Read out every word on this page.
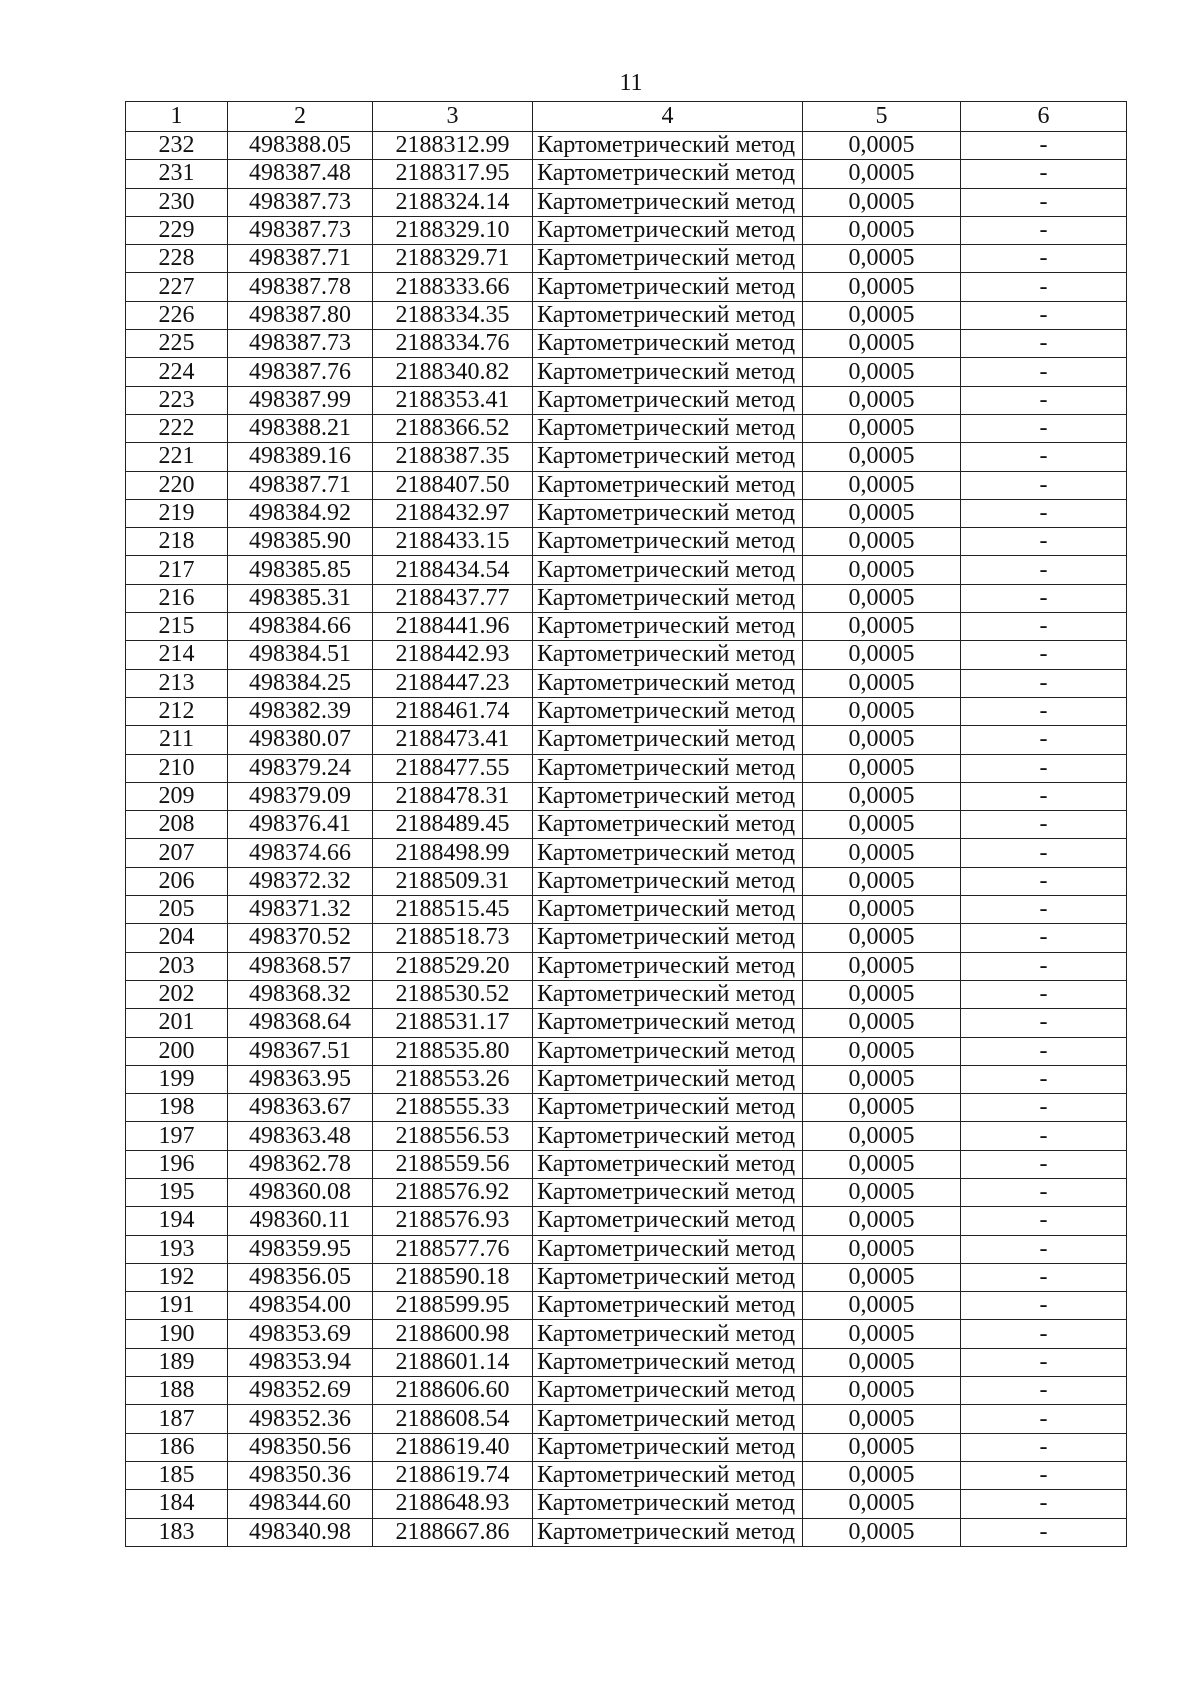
11
1	2	3	4	5	6
232	498388.05	2188312.99	Картометрический метод	0,0005	-
231	498387.48	2188317.95	Картометрический метод	0,0005	-
230	498387.73	2188324.14	Картометрический метод	0,0005	-
229	498387.73	2188329.10	Картометрический метод	0,0005	-
228	498387.71	2188329.71	Картометрический метод	0,0005	-
227	498387.78	2188333.66	Картометрический метод	0,0005	-
226	498387.80	2188334.35	Картометрический метод	0,0005	-
225	498387.73	2188334.76	Картометрический метод	0,0005	-
224	498387.76	2188340.82	Картометрический метод	0,0005	-
223	498387.99	2188353.41	Картометрический метод	0,0005	-
222	498388.21	2188366.52	Картометрический метод	0,0005	-
221	498389.16	2188387.35	Картометрический метод	0,0005	-
220	498387.71	2188407.50	Картометрический метод	0,0005	-
219	498384.92	2188432.97	Картометрический метод	0,0005	-
218	498385.90	2188433.15	Картометрический метод	0,0005	-
217	498385.85	2188434.54	Картометрический метод	0,0005	-
216	498385.31	2188437.77	Картометрический метод	0,0005	-
215	498384.66	2188441.96	Картометрический метод	0,0005	-
214	498384.51	2188442.93	Картометрический метод	0,0005	-
213	498384.25	2188447.23	Картометрический метод	0,0005	-
212	498382.39	2188461.74	Картометрический метод	0,0005	-
211	498380.07	2188473.41	Картометрический метод	0,0005	-
210	498379.24	2188477.55	Картометрический метод	0,0005	-
209	498379.09	2188478.31	Картометрический метод	0,0005	-
208	498376.41	2188489.45	Картометрический метод	0,0005	-
207	498374.66	2188498.99	Картометрический метод	0,0005	-
206	498372.32	2188509.31	Картометрический метод	0,0005	-
205	498371.32	2188515.45	Картометрический метод	0,0005	-
204	498370.52	2188518.73	Картометрический метод	0,0005	-
203	498368.57	2188529.20	Картометрический метод	0,0005	-
202	498368.32	2188530.52	Картометрический метод	0,0005	-
201	498368.64	2188531.17	Картометрический метод	0,0005	-
200	498367.51	2188535.80	Картометрический метод	0,0005	-
199	498363.95	2188553.26	Картометрический метод	0,0005	-
198	498363.67	2188555.33	Картометрический метод	0,0005	-
197	498363.48	2188556.53	Картометрический метод	0,0005	-
196	498362.78	2188559.56	Картометрический метод	0,0005	-
195	498360.08	2188576.92	Картометрический метод	0,0005	-
194	498360.11	2188576.93	Картометрический метод	0,0005	-
193	498359.95	2188577.76	Картометрический метод	0,0005	-
192	498356.05	2188590.18	Картометрический метод	0,0005	-
191	498354.00	2188599.95	Картометрический метод	0,0005	-
190	498353.69	2188600.98	Картометрический метод	0,0005	-
189	498353.94	2188601.14	Картометрический метод	0,0005	-
188	498352.69	2188606.60	Картометрический метод	0,0005	-
187	498352.36	2188608.54	Картометрический метод	0,0005	-
186	498350.56	2188619.40	Картометрический метод	0,0005	-
185	498350.36	2188619.74	Картометрический метод	0,0005	-
184	498344.60	2188648.93	Картометрический метод	0,0005	-
183	498340.98	2188667.86	Картометрический метод	0,0005	-
